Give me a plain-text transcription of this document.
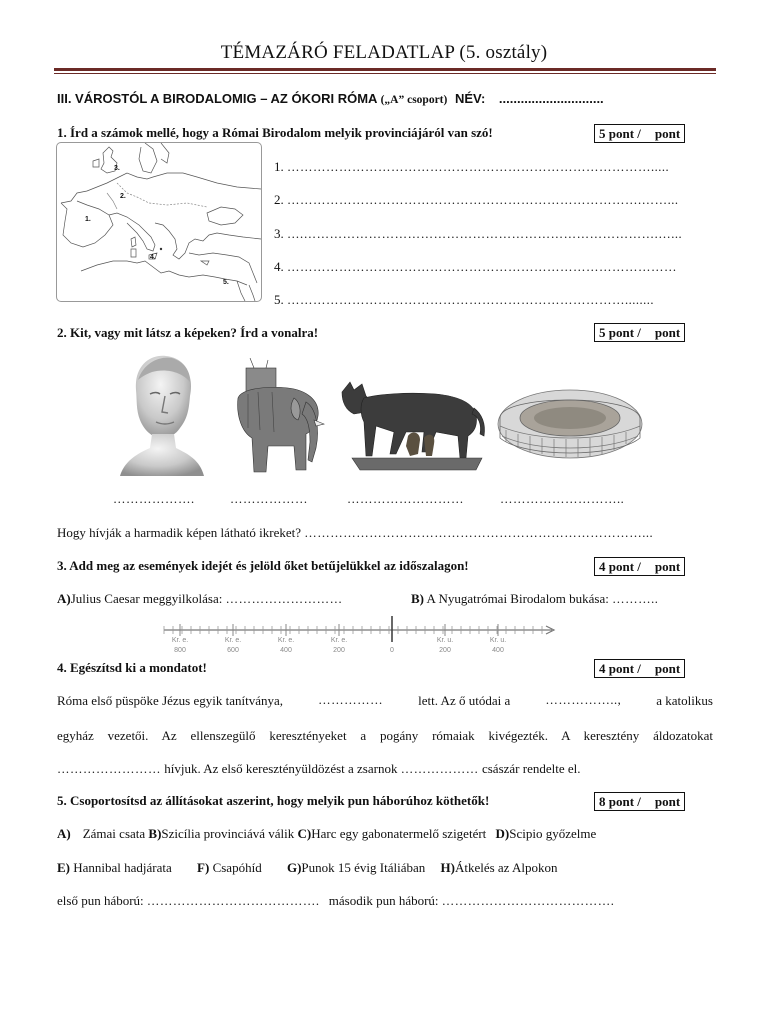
TÉMAZÁRÓ FELADATLAP (5. osztály)
III. VÁROSTÓL A BIRODALOMIG – AZ ÓKORI RÓMA („A” csoport) NÉV: .............................
1. Írd a számok mellé, hogy a Római Birodalom melyik provinciájáról van szó!	5 pont / pont
3.
2.
1.
4.
5.
1. ………………………………………………………………………….....
2. ……………………………………………………………………….……...
3. ….……………………………………………………………………….…...
4. ………………………………………………………………………………
5. ……………………………………………………………………........
2. Kit, vagy mit látsz a képeken? Írd a vonalra!	5 pont / pont
……………….	………………	………………………	………………………..
Hogy hívják a harmadik képen látható ikreket? ……………………………………………………………………...
3. Add meg az események idejét és jelöld őket betűjelükkel az időszalagon!	4 pont / pont
A)Julius Caesar meggyilkolása: ………………………	B) A Nyugatrómai Birodalom bukása: ………..
Kr. e.
800
Kr. e.
600
Kr. e.
400
Kr. e.
200	0
Kr. u.
200
Kr. u.
400
4. Egészítsd ki a mondatot!	4 pont / pont
Róma első püspöke Jézus egyik tanítványa,	……………	lett. Az ő utódai a	……………..,	a katolikus
egyház vezetői. Az ellenszegülő keresztényeket a pogány rómaiak kivégezték. A keresztény áldozatokat
…………………… hívjuk. Az első keresztényüldözést a zsarnok ……………… császár rendelte el.
5. Csoportosítsd az állításokat aszerint, hogy melyik pun háborúhoz köthetők!	8 pont / pont
A) Zámai csata B)Szicília provinciává válik C)Harc egy gabonatermelő szigetért D)Scipio győzelme
E) Hannibal hadjárata F) Csapóhíd G)Punok 15 évig Itáliában H)Átkelés az Alpokon
első pun háború: …………………………………. második pun háború: ………………………………….
